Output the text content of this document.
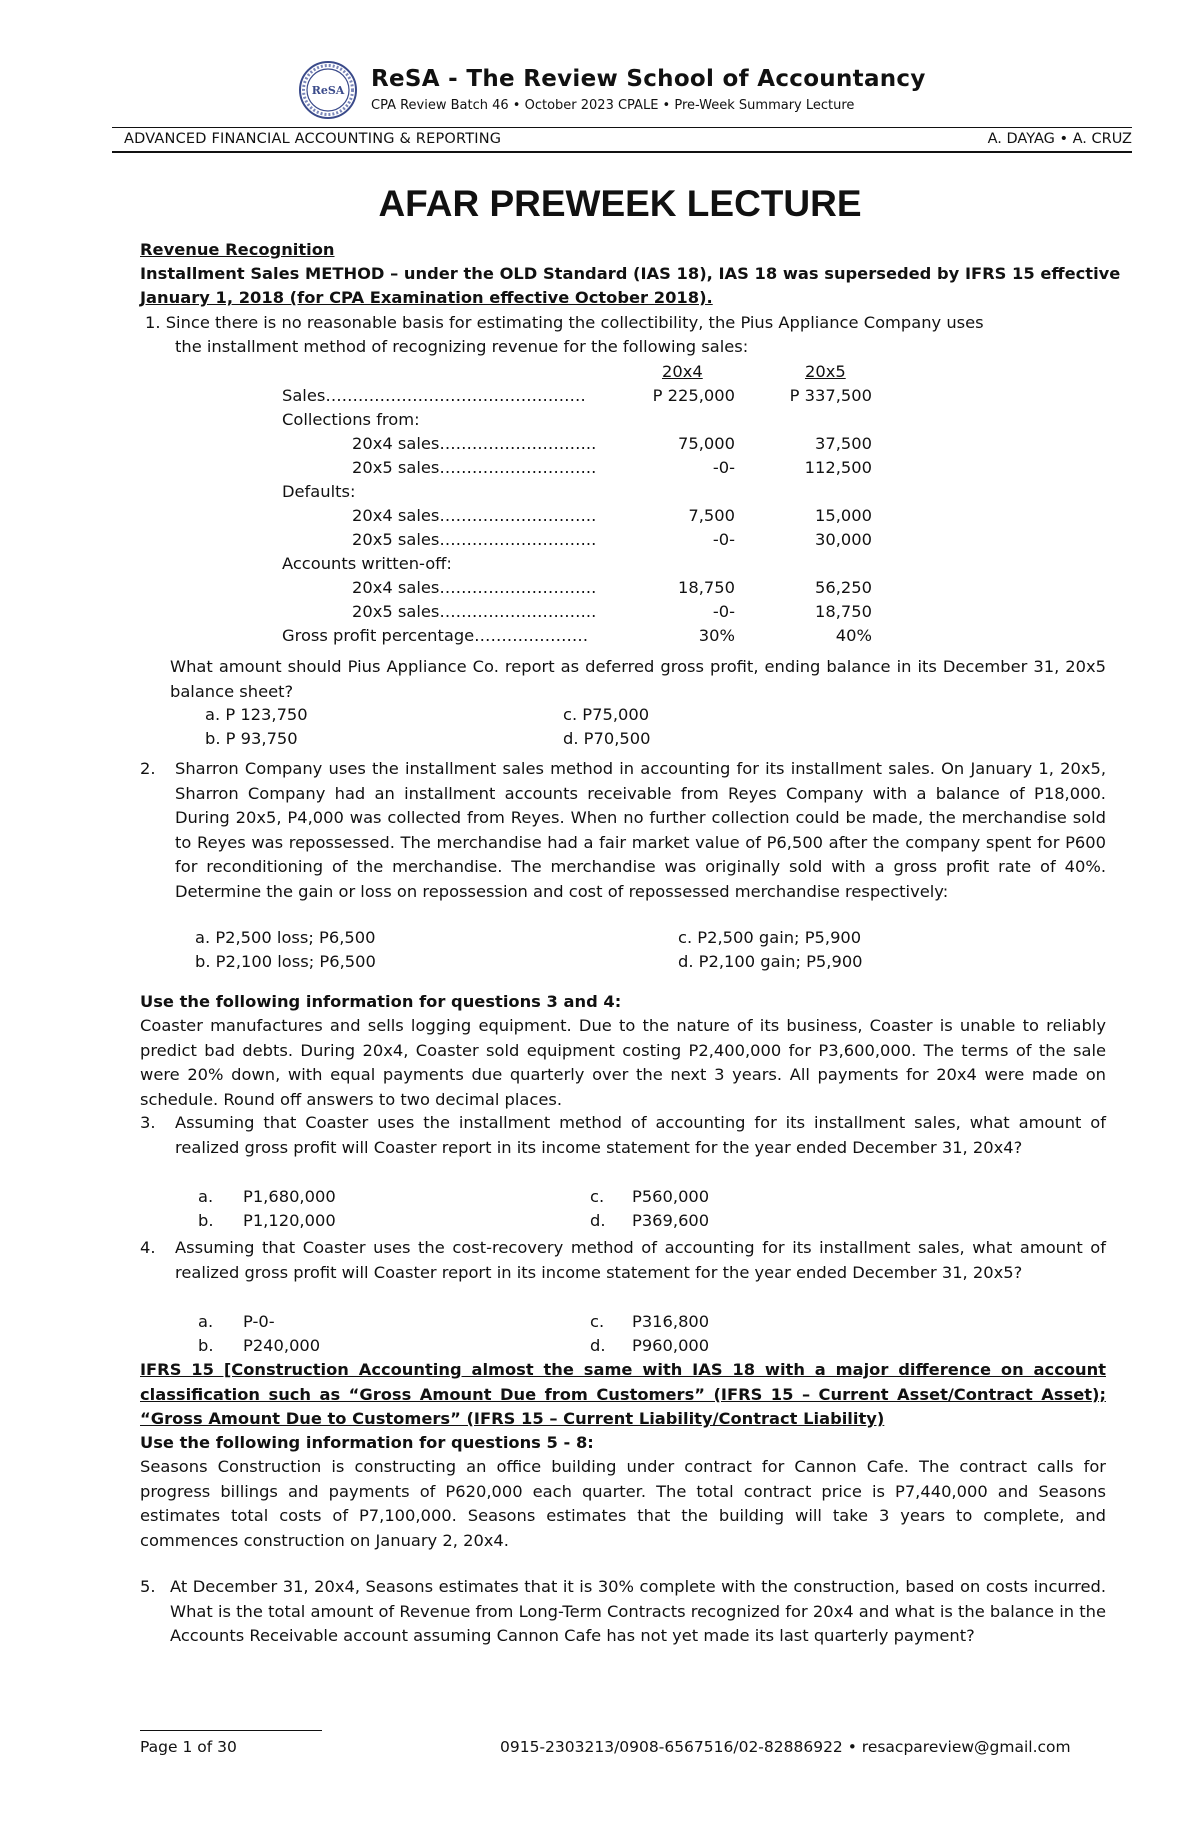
ReSA ReSA - The Review School of Accountancy
CPA Review Batch 46 • October 2023 CPALE • Pre-Week Summary Lecture
ADVANCED FINANCIAL ACCOUNTING & REPORTING	A. DAYAG • A. CRUZ
AFAR PREWEEK LECTURE
Revenue Recognition
Installment Sales METHOD – under the OLD Standard (IAS 18), IAS 18 was superseded by IFRS 15 effective
January 1, 2018 (for CPA Examination effective October 2018).
1. Since there is no reasonable basis for estimating the collectibility, the Pius Appliance Company uses
the installment method of recognizing revenue for the following sales:
20x4	20x5
Sales…………………………………………	P 225,000	P 337,500
Collections from:
20x4 sales………………………..	75,000	37,500
20x5 sales………………………..	-0-	112,500
Defaults:
20x4 sales………………………..	7,500	15,000
20x5 sales………………………..	-0-	30,000
Accounts written-off:
20x4 sales………………………..	18,750	56,250
20x5 sales………………………..	-0-	18,750
Gross profit percentage…………………	30%	40%
What amount should Pius Appliance Co. report as deferred gross profit, ending balance in its December 31, 20x5 balance sheet?
a. P 123,750	c. P75,000
b. P 93,750	d. P70,500
2. Sharron Company uses the installment sales method in accounting for its installment sales. On January 1, 20x5, Sharron Company had an installment accounts receivable from Reyes Company with a balance of P18,000. During 20x5, P4,000 was collected from Reyes. When no further collection could be made, the merchandise sold to Reyes was repossessed. The merchandise had a fair market value of P6,500 after the company spent for P600 for reconditioning of the merchandise. The merchandise was originally sold with a gross profit rate of 40%. Determine the gain or loss on repossession and cost of repossessed merchandise respectively:
a. P2,500 loss; P6,500	c. P2,500 gain; P5,900
b. P2,100 loss; P6,500	d. P2,100 gain; P5,900
Use the following information for questions 3 and 4:
Coaster manufactures and sells logging equipment. Due to the nature of its business, Coaster is unable to reliably predict bad debts. During 20x4, Coaster sold equipment costing P2,400,000 for P3,600,000. The terms of the sale were 20% down, with equal payments due quarterly over the next 3 years. All payments for 20x4 were made on schedule. Round off answers to two decimal places.
3. Assuming that Coaster uses the installment method of accounting for its installment sales, what amount of realized gross profit will Coaster report in its income statement for the year ended December 31, 20x4?
a. P1,680,000	c. P560,000
b. P1,120,000	d. P369,600
4. Assuming that Coaster uses the cost-recovery method of accounting for its installment sales, what amount of realized gross profit will Coaster report in its income statement for the year ended December 31, 20x5?
a. P-0-	c. P316,800
b. P240,000	d. P960,000
IFRS 15 [Construction Accounting almost the same with IAS 18 with a major difference on account classification such as “Gross Amount Due from Customers” (IFRS 15 – Current Asset/Contract Asset); “Gross Amount Due to Customers” (IFRS 15 – Current Liability/Contract Liability)
Use the following information for questions 5 - 8:
Seasons Construction is constructing an office building under contract for Cannon Cafe. The contract calls for progress billings and payments of P620,000 each quarter. The total contract price is P7,440,000 and Seasons estimates total costs of P7,100,000. Seasons estimates that the building will take 3 years to complete, and commences construction on January 2, 20x4.
5. At December 31, 20x4, Seasons estimates that it is 30% complete with the construction, based on costs incurred. What is the total amount of Revenue from Long-Term Contracts recognized for 20x4 and what is the balance in the Accounts Receivable account assuming Cannon Cafe has not yet made its last quarterly payment?
Page 1 of 30	0915-2303213/0908-6567516/02-82886922 • resacpareview@gmail.com
